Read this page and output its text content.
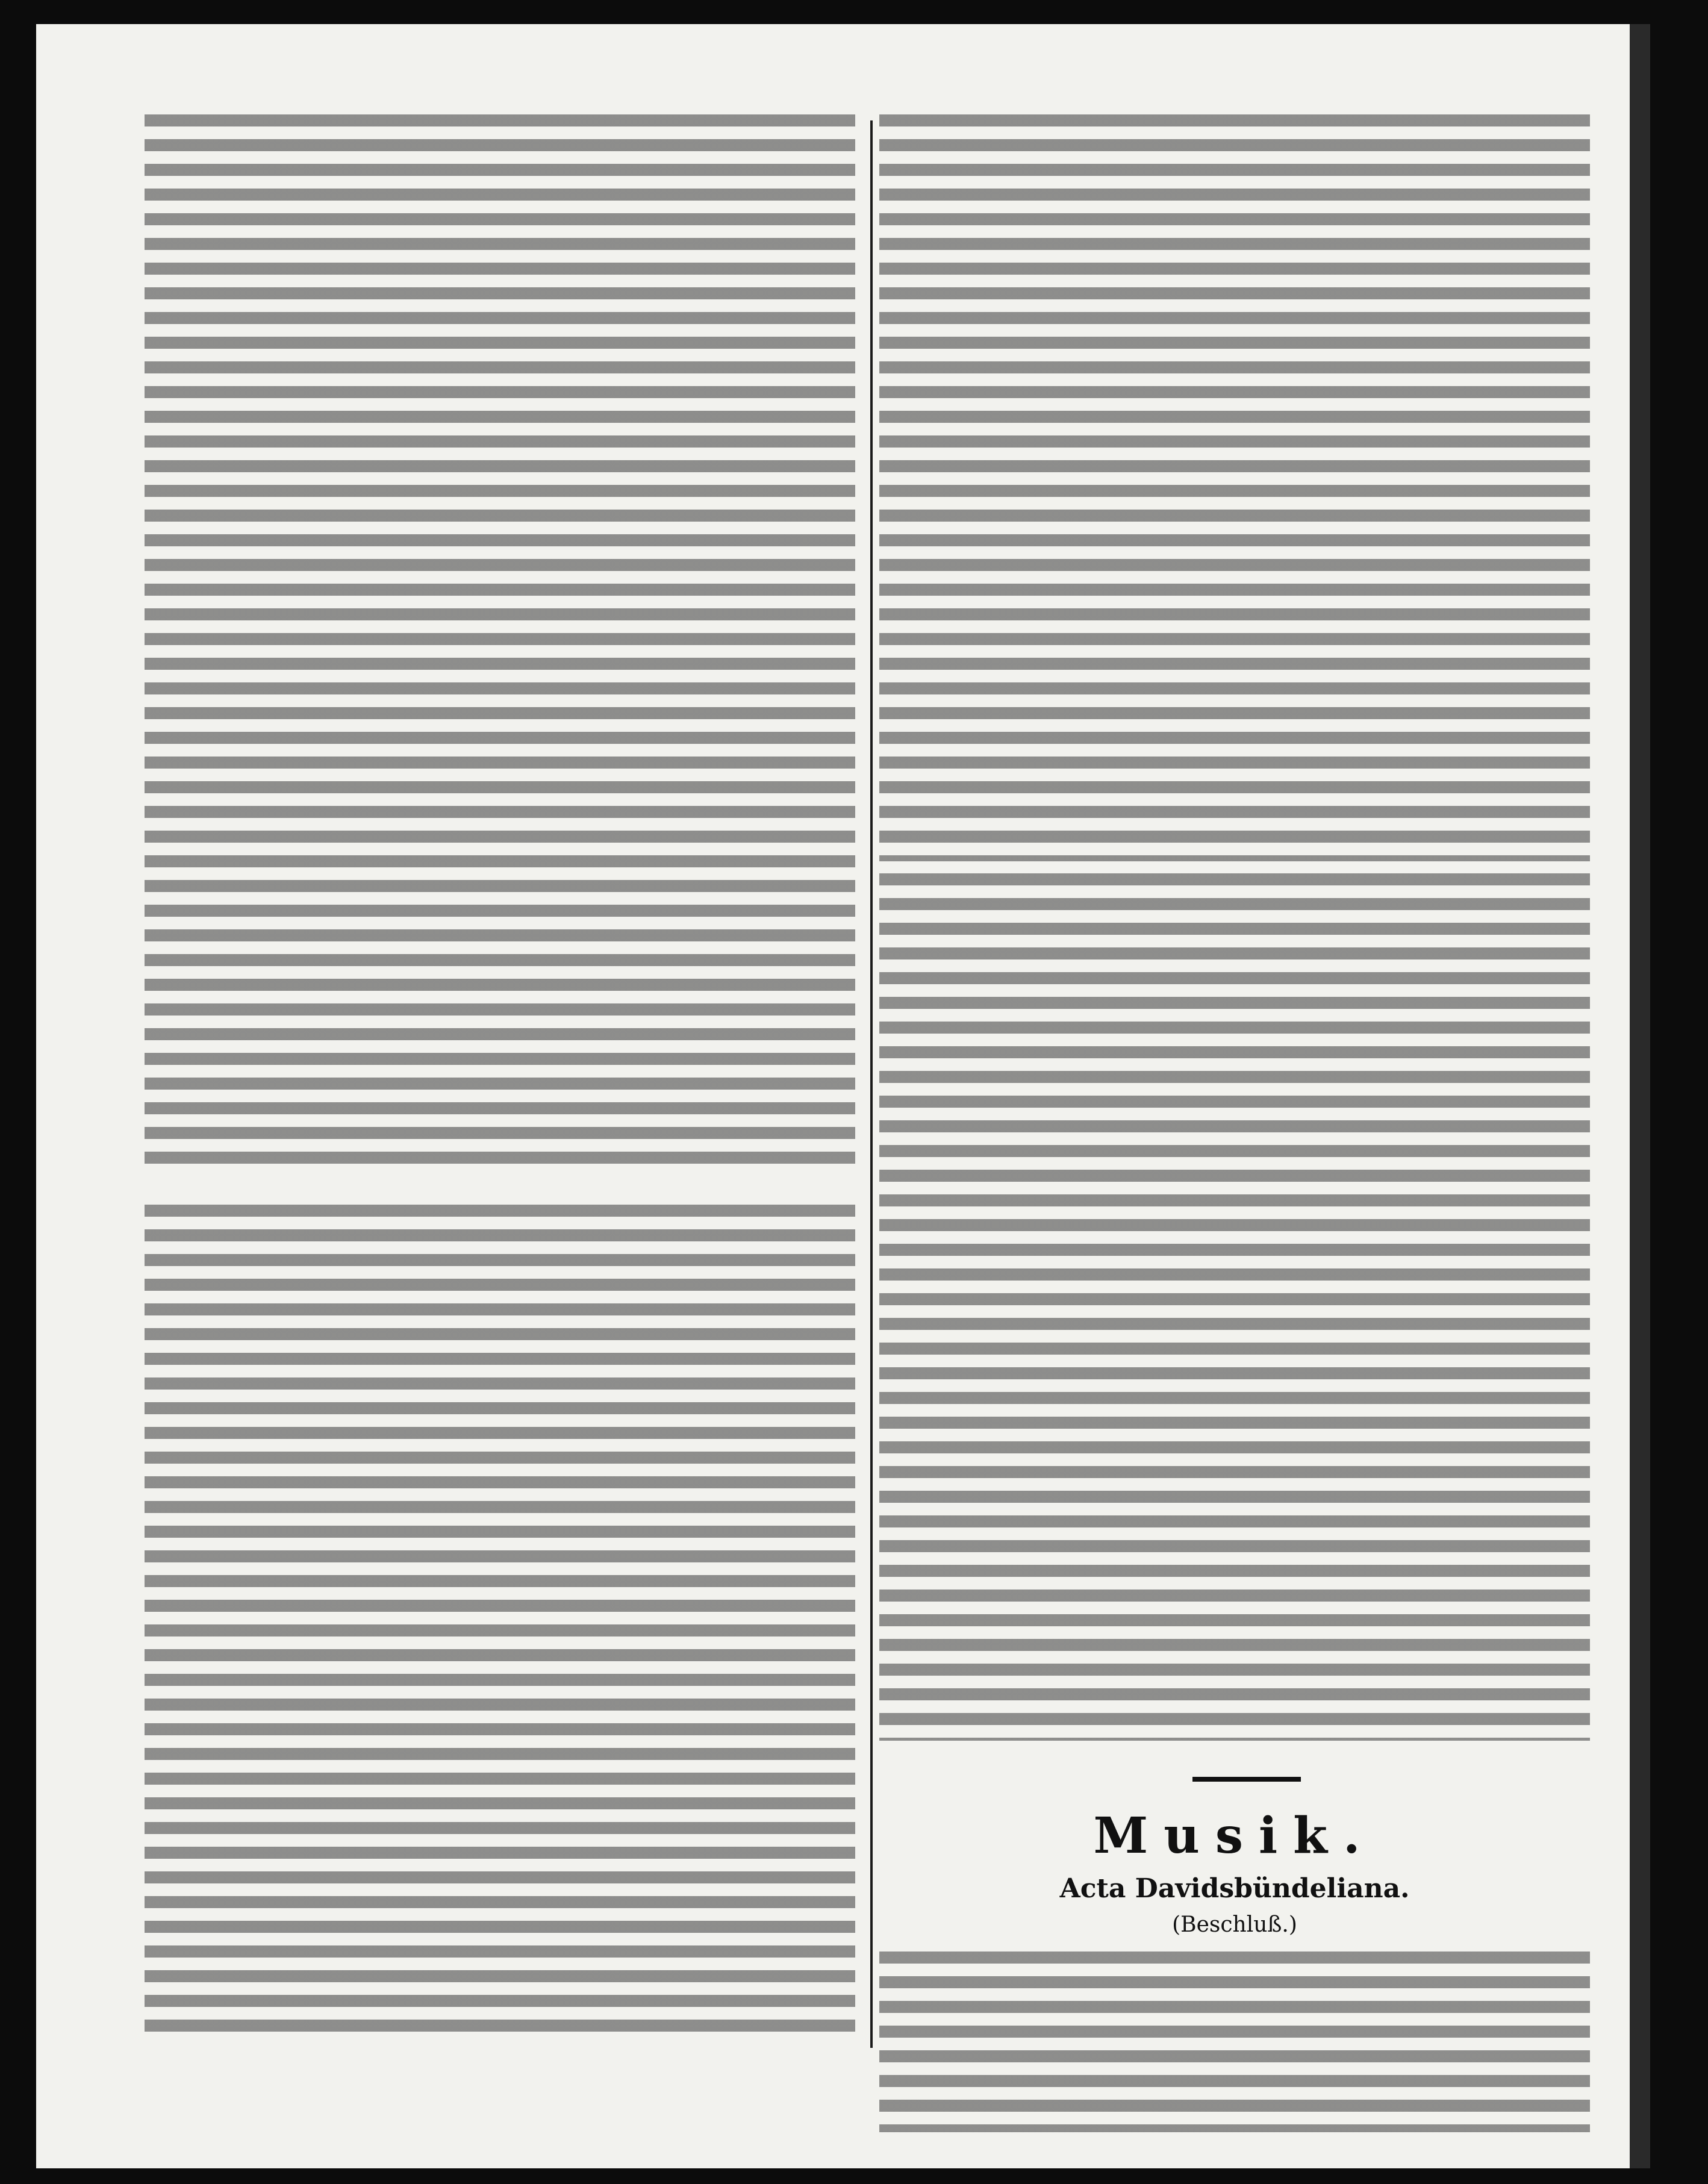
Musik.
Acta Davidsbündeliana.
(Beschluß.)
